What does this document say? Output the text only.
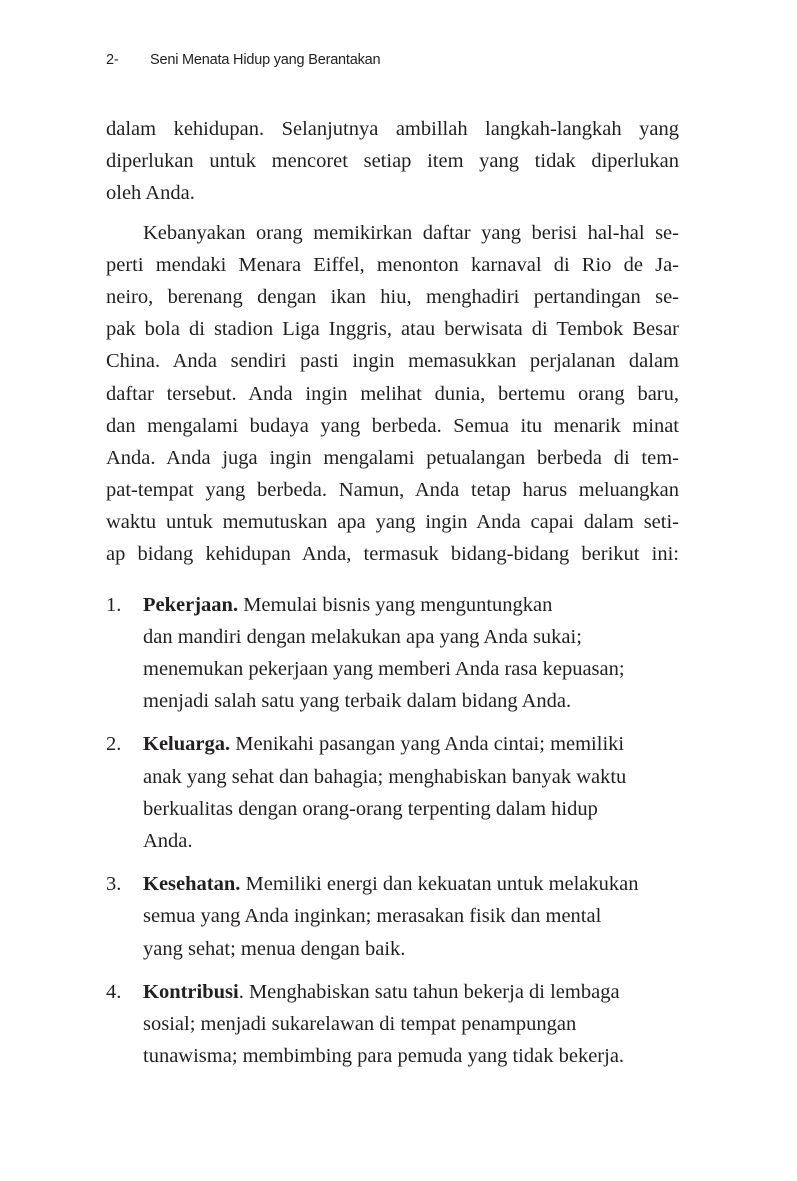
2- Seni Menata Hidup yang Berantakan
dalam kehidupan. Selanjutnya ambillah langkah-langkah yang
diperlukan untuk mencoret setiap item yang tidak diperlukan
oleh Anda.
Kebanyakan orang memikirkan daftar yang berisi hal-hal se-
perti mendaki Menara Eiffel, menonton karnaval di Rio de Ja-
neiro, berenang dengan ikan hiu, menghadiri pertandingan se-
pak bola di stadion Liga Inggris, atau berwisata di Tembok Besar
China. Anda sendiri pasti ingin memasukkan perjalanan dalam
daftar tersebut. Anda ingin melihat dunia, bertemu orang baru,
dan mengalami budaya yang berbeda. Semua itu menarik minat
Anda. Anda juga ingin mengalami petualangan berbeda di tem-
pat-tempat yang berbeda. Namun, Anda tetap harus meluangkan
waktu untuk memutuskan apa yang ingin Anda capai dalam seti-
ap bidang kehidupan Anda, termasuk bidang-bidang berikut ini:
1.	Pekerjaan. Memulai bisnis yang menguntungkan
dan mandiri dengan melakukan apa yang Anda sukai;
menemukan pekerjaan yang memberi Anda rasa kepuasan;
menjadi salah satu yang terbaik dalam bidang Anda.
2.	Keluarga. Menikahi pasangan yang Anda cintai; memiliki
anak yang sehat dan bahagia; menghabiskan banyak waktu
berkualitas dengan orang-orang terpenting dalam hidup
Anda.
3.	Kesehatan. Memiliki energi dan kekuatan untuk melakukan
semua yang Anda inginkan; merasakan fisik dan mental
yang sehat; menua dengan baik.
4.	Kontribusi. Menghabiskan satu tahun bekerja di lembaga
sosial; menjadi sukarelawan di tempat penampungan
tunawisma; membimbing para pemuda yang tidak bekerja.
